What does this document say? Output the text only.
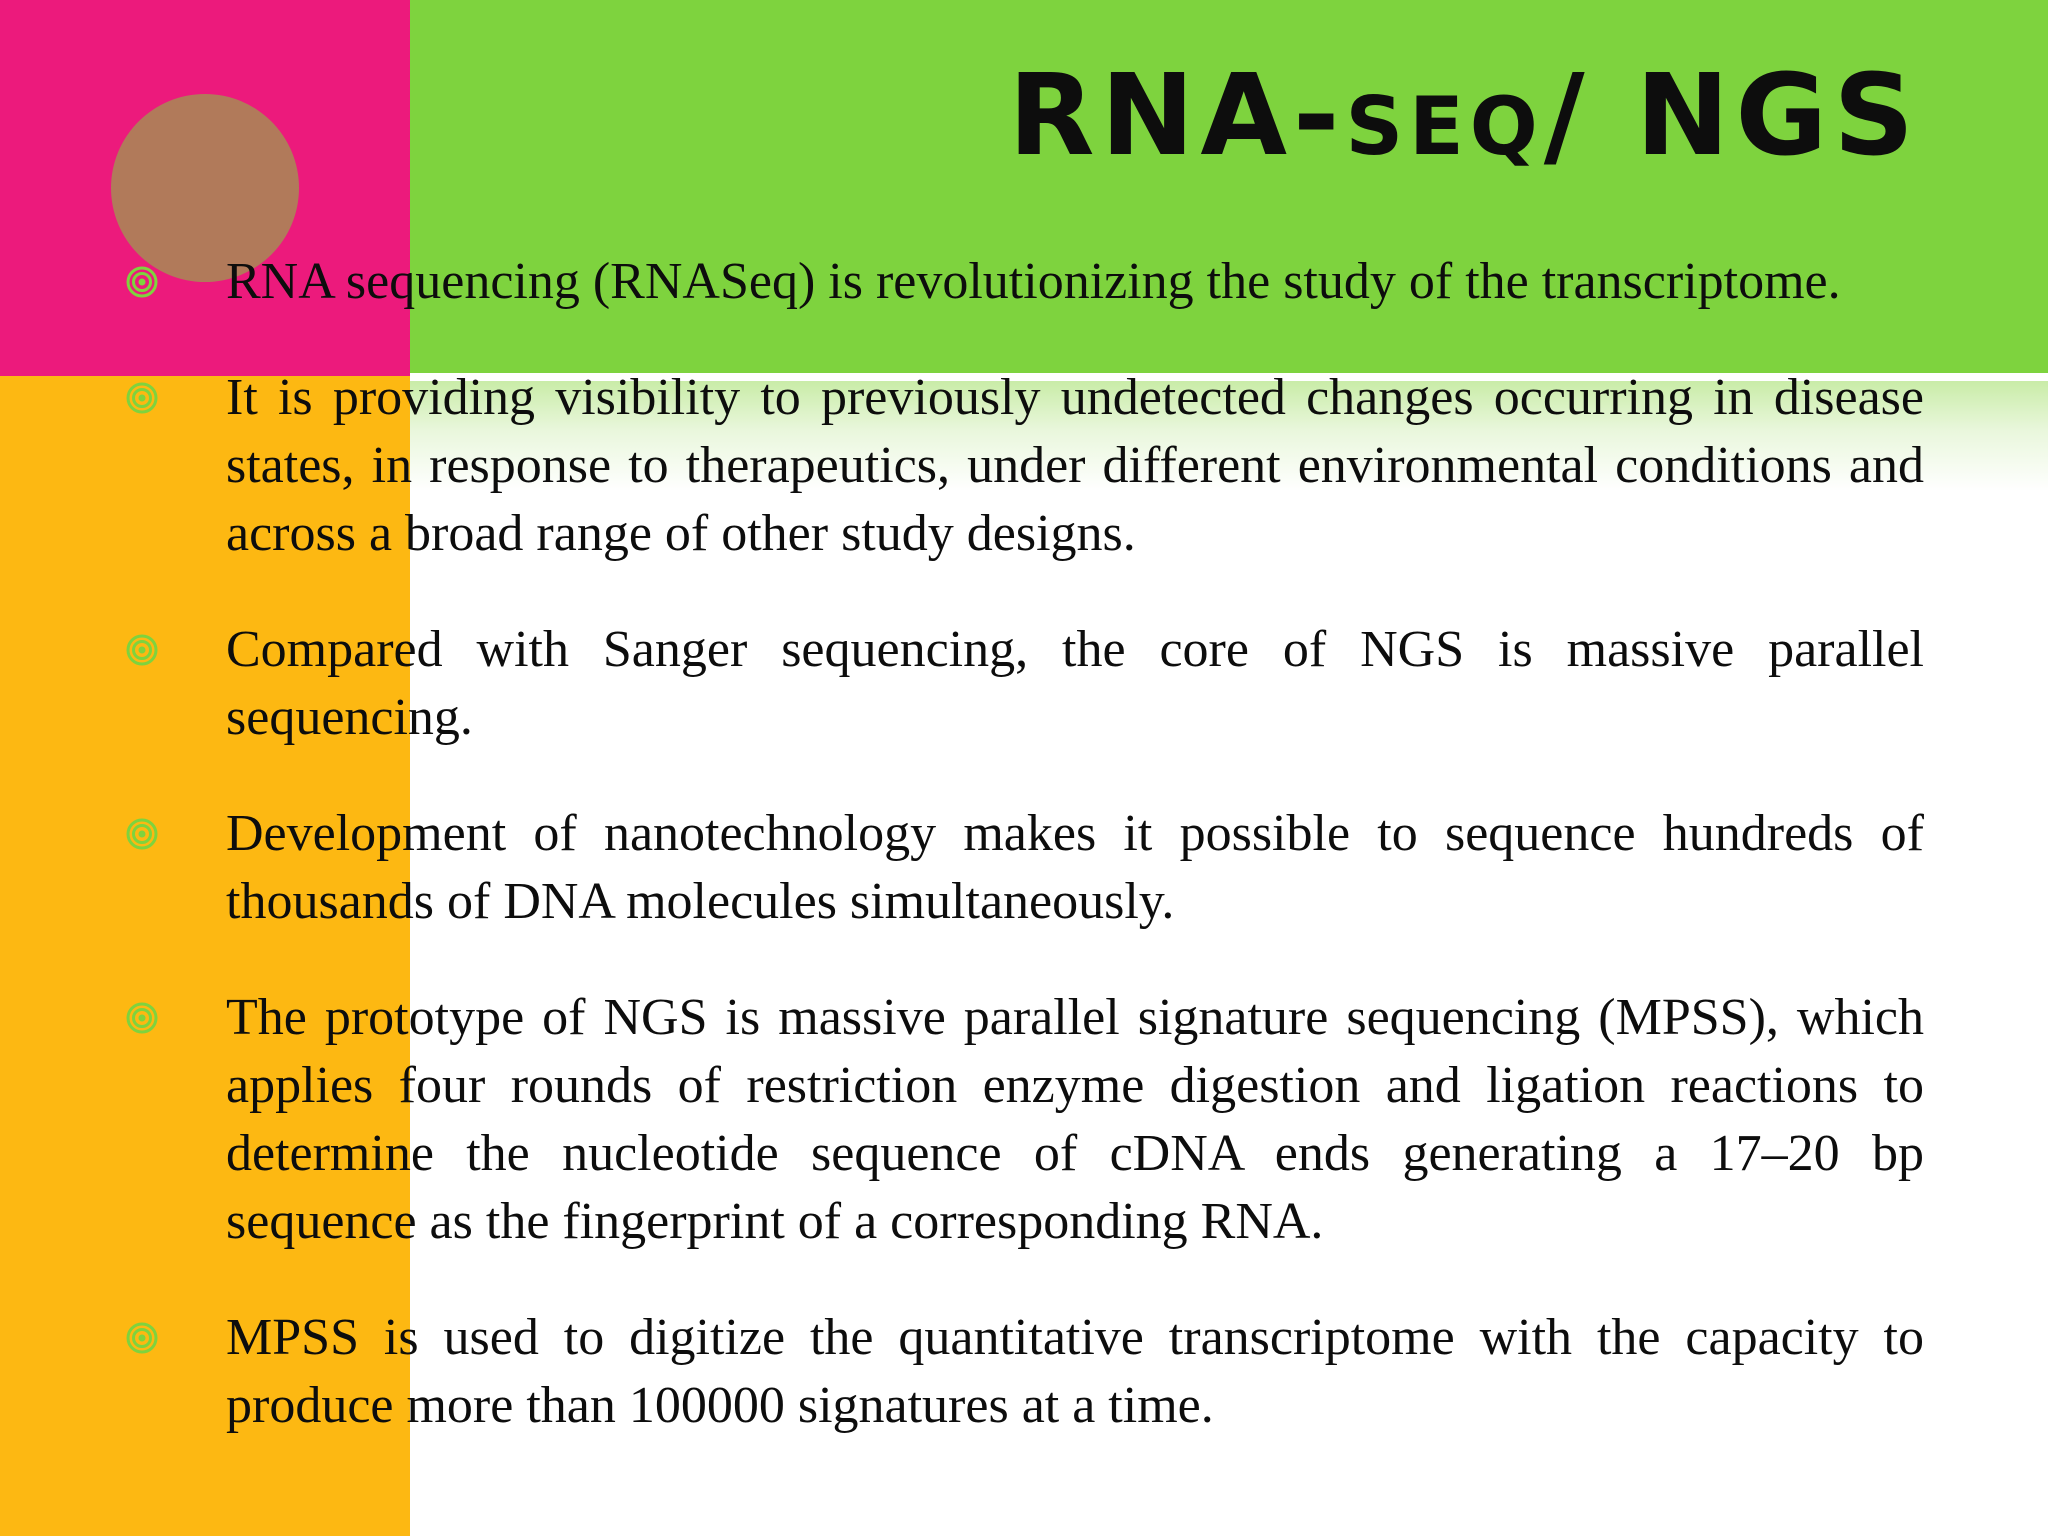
RNA-SEQ/ NGS
RNA sequencing (RNASeq) is revolutionizing the study of the transcriptome.
It is providing visibility to previously undetected changes occurring in disease states, in response to therapeutics, under different environmental conditions and across a broad range of other study designs.
Compared with Sanger sequencing, the core of NGS is massive parallel sequencing.
Development of nanotechnology makes it possible to sequence hundreds of thousands of DNA molecules simultaneously.
The prototype of NGS is massive parallel signature sequencing (MPSS), which applies four rounds of restriction enzyme digestion and ligation reactions to determine the nucleotide sequence of cDNA ends generating a 17–20 bp sequence as the fingerprint of a corresponding RNA.
MPSS is used to digitize the quantitative transcriptome with the capacity to produce more than 100000 signatures at a time.
